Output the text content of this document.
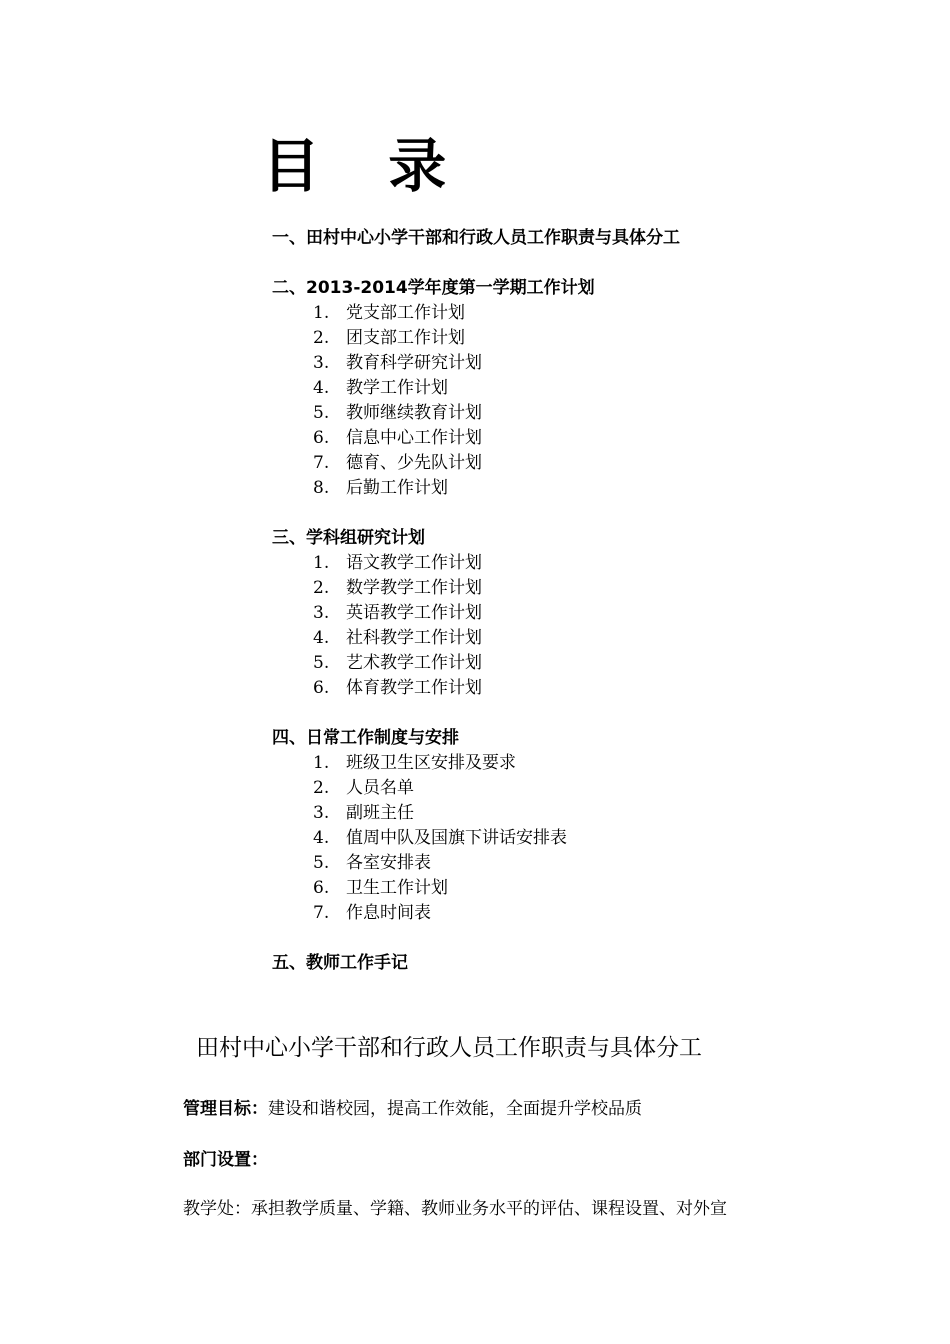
目 录
一、田村中心小学干部和行政人员工作职责与具体分工
二、2013-2014学年度第一学期工作计划
1. 党支部工作计划
2. 团支部工作计划
3. 教育科学研究计划
4. 教学工作计划
5. 教师继续教育计划
6. 信息中心工作计划
7. 德育、少先队计划
8. 后勤工作计划
三、学科组研究计划
1. 语文教学工作计划
2. 数学教学工作计划
3. 英语教学工作计划
4. 社科教学工作计划
5. 艺术教学工作计划
6. 体育教学工作计划
四、日常工作制度与安排
1. 班级卫生区安排及要求
2. 人员名单
3. 副班主任
4. 值周中队及国旗下讲话安排表
5. 各室安排表
6. 卫生工作计划
7. 作息时间表
五、教师工作手记
田村中心小学干部和行政人员工作职责与具体分工
管理目标：建设和谐校园，提高工作效能，全面提升学校品质
部门设置：
教学处：承担教学质量、学籍、教师业务水平的评估、课程设置、对外宣
